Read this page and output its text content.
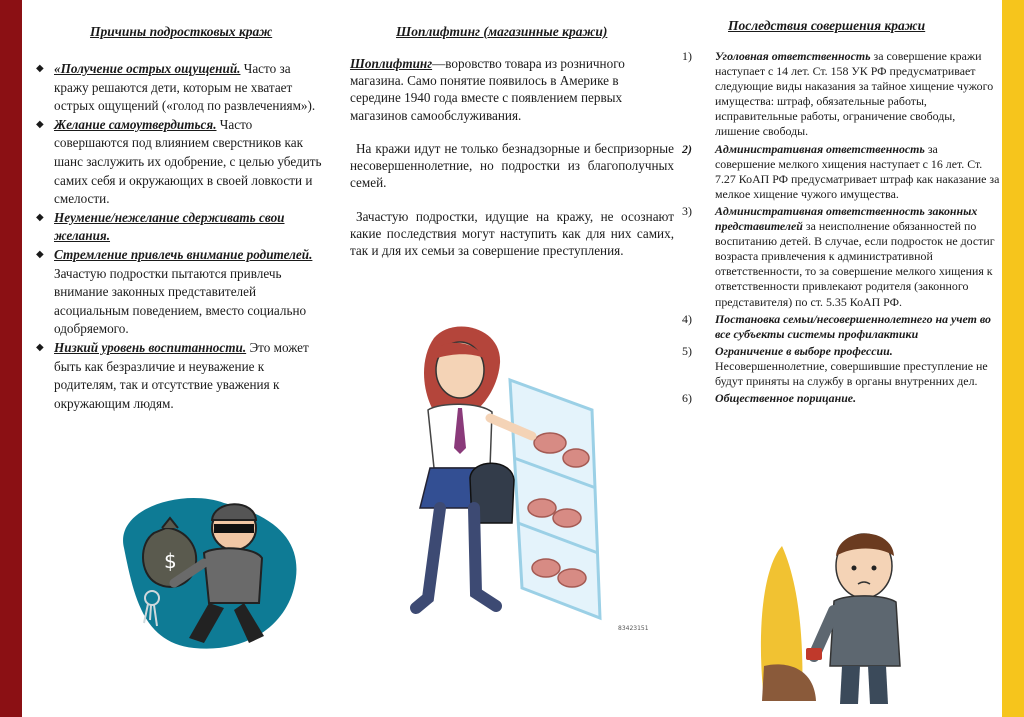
Причины подростковых краж
◆ «Получение острых ощущений. Часто за кражу решаются дети, которым не хватает острых ощущений («голод по развлечениям»).
◆ Желание самоутвердиться. Часто совершаются под влиянием сверстников как шанс заслужить их одобрение, с целью убедить самих себя и окружающих в своей ловкости и смелости.
◆ Неумение/нежелание сдерживать свои желания.
◆ Стремление привлечь внимание родителей. Зачастую подростки пытаются привлечь внимание законных представителей асоциальным поведением, вместо социально одобряемого.
◆ Низкий уровень воспитанности. Это может быть как безразличие и неуважение к родителям, так и отсутствие уважения к окружающим людям.
$
Шоплифтинг (магазинные кражи)

Шоплифтинг—воровство товара из розничного магазина. Само понятие появилось в Америке в середине 1940 года вместе с появлением первых магазинов самообслуживания.

На кражи идут не только безнадзорные и беспризорные несовершеннолетние, но подростки из благополучных семей.

Зачастую подростки, идущие на кражу, не осознают какие последствия могут наступить как для них самих, так и для их семьи за совершение преступления.

83423151
Последствия совершения кражи
1) Уголовная ответственность за совершение кражи наступает с 14 лет. Ст. 158 УК РФ предусматривает следующие виды наказания за тайное хищение чужого имущества: штраф, обязательные работы, исправительные работы, ограничение свободы, лишение свободы.
2) Административная ответственность за совершение мелкого хищения наступает с 16 лет. Ст. 7.27 КоАП РФ предусматривает штраф как наказание за мелкое хищение чужого имущества.
3) Административная ответственность законных представителей за неисполнение обязанностей по воспитанию детей. В случае, если подросток не достиг возраста привлечения к административной ответственности, то за совершение мелкого хищения к ответственности привлекают родителя (законного представителя) по ст. 5.35 КоАП РФ.
4) Постановка семьи/несовершеннолетнего на учет во все субъекты системы профилактики
5) Ограничение в выборе профессии. Несовершеннолетние, совершившие преступление не будут приняты на службу в органы внутренних дел.
6) Общественное порицание.
